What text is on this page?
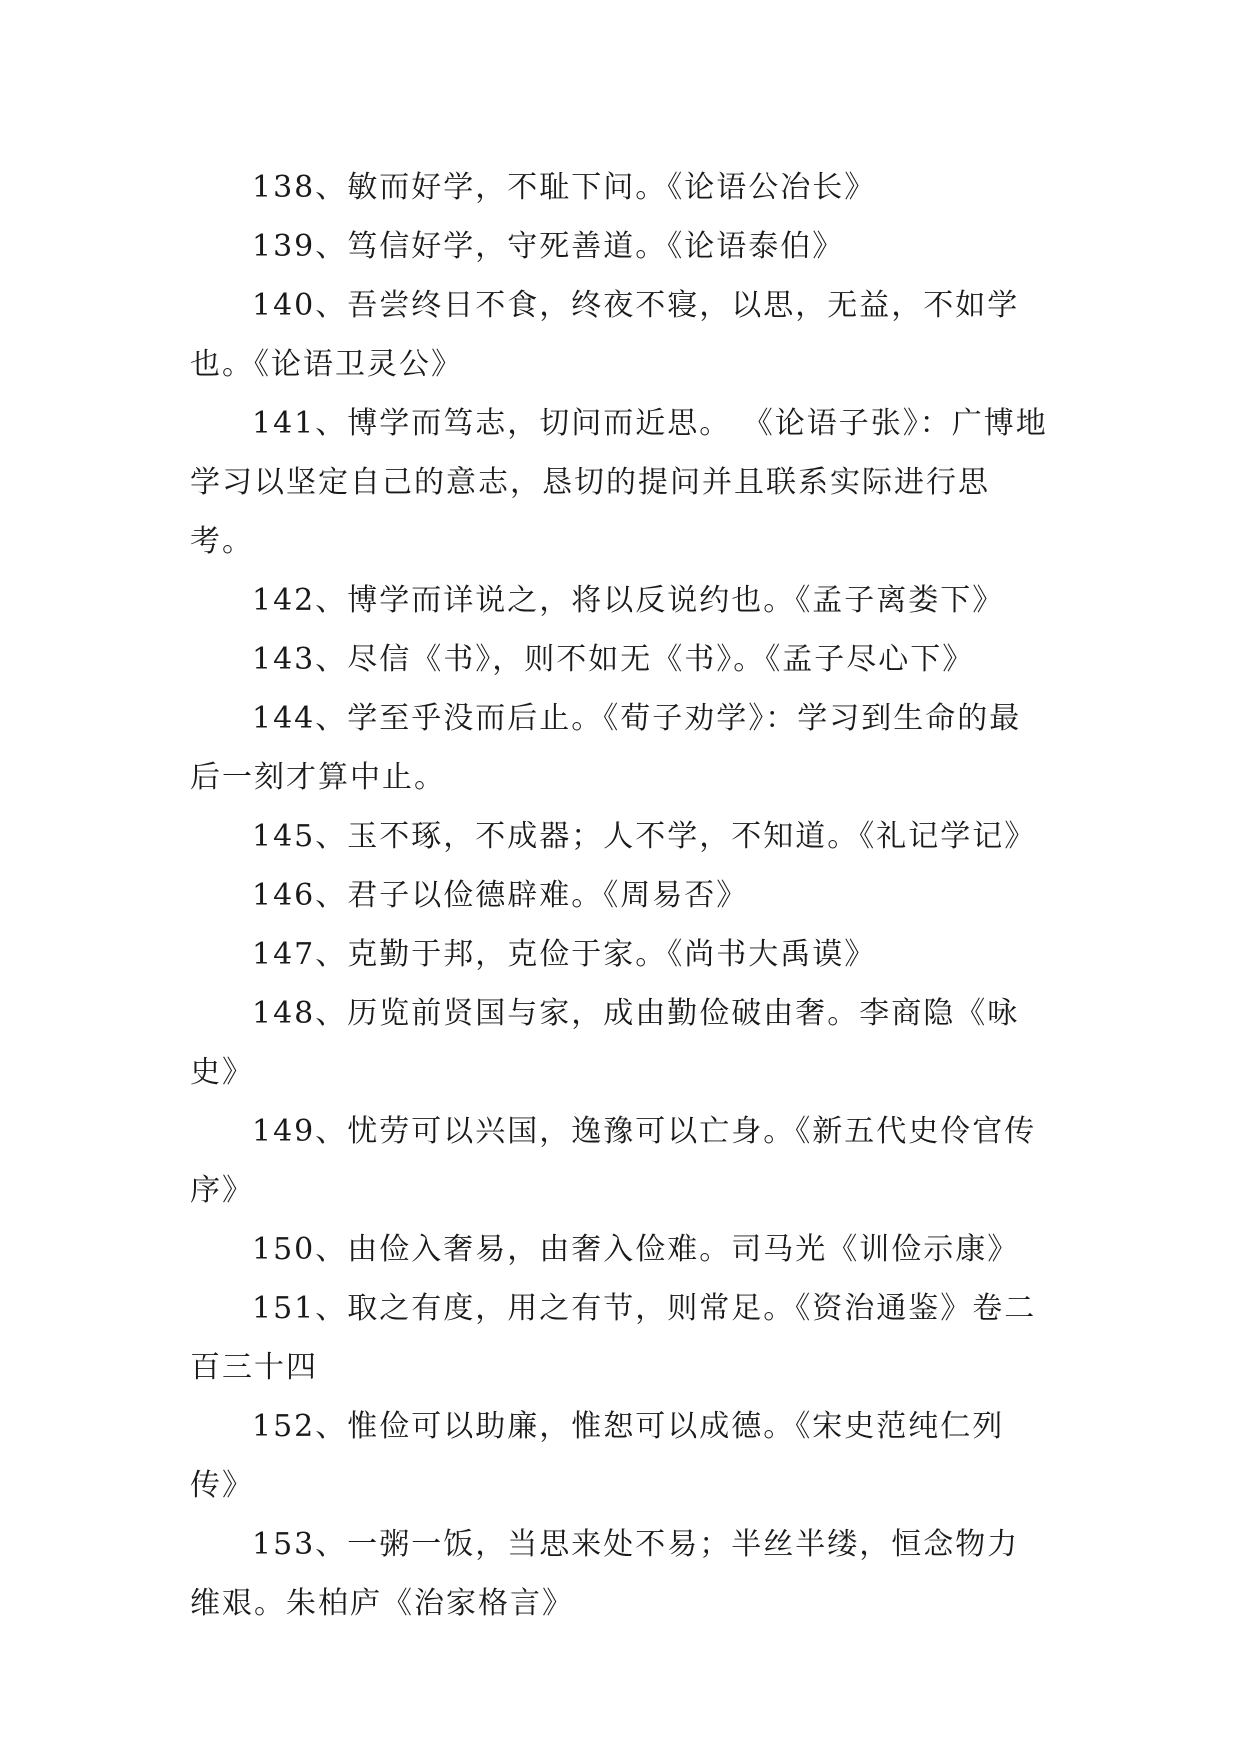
138、敏而好学，不耻下问。《论语公冶长》

139、笃信好学，守死善道。《论语泰伯》

140、吾尝终日不食，终夜不寝，以思，无益，不如学也。《论语卫灵公》

141、博学而笃志，切问而近思。 《论语子张》：广博地学习以坚定自己的意志，恳切的提问并且联系实际进行思考。

142、博学而详说之，将以反说约也。《孟子离娄下》

143、尽信《书》，则不如无《书》。《孟子尽心下》

144、学至乎没而后止。《荀子劝学》：学习到生命的最后一刻才算中止。

145、玉不琢，不成器；人不学，不知道。《礼记学记》

146、君子以俭德辟难。《周易否》

147、克勤于邦，克俭于家。《尚书大禹谟》

148、历览前贤国与家，成由勤俭破由奢。李商隐《咏史》

149、忧劳可以兴国，逸豫可以亡身。《新五代史伶官传序》

150、由俭入奢易，由奢入俭难。司马光《训俭示康》

151、取之有度，用之有节，则常足。《资治通鉴》卷二百三十四

152、惟俭可以助廉，惟恕可以成德。《宋史范纯仁列传》

153、一粥一饭，当思来处不易；半丝半缕，恒念物力维艰。朱柏庐《治家格言》
